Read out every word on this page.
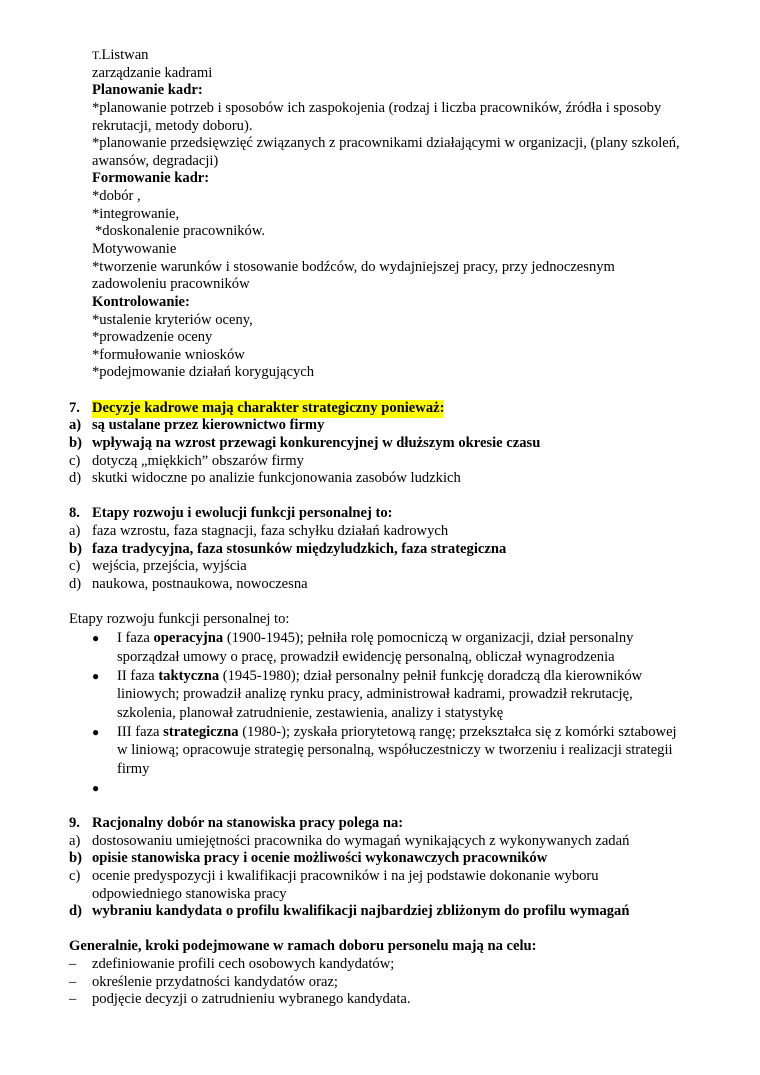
T.Listwan
zarządzanie kadrami
Planowanie kadr:
*planowanie potrzeb i sposobów ich zaspokojenia (rodzaj i liczba pracowników, źródła i sposoby
rekrutacji, metody doboru).
*planowanie przedsięwzięć związanych z pracownikami działającymi w organizacji, (plany szkoleń,
awansów, degradacji)
Formowanie kadr:
*dobór ,
*integrowanie,
*doskonalenie pracowników.
Motywowanie
*tworzenie warunków i stosowanie bodźców, do wydajniejszej pracy, przy jednoczesnym
zadowoleniu pracowników
Kontrolowanie:
*ustalenie kryteriów oceny,
*prowadzenie oceny
*formułowanie wniosków
*podejmowanie działań korygujących
7. Decyzje kadrowe mają charakter strategiczny ponieważ:
a) są ustalane przez kierownictwo firmy
b) wpływają na wzrost przewagi konkurencyjnej w dłuższym okresie czasu
c) dotyczą „miękkich” obszarów firmy
d) skutki widoczne po analizie funkcjonowania zasobów ludzkich
8. Etapy rozwoju i ewolucji funkcji personalnej to:
a) faza wzrostu, faza stagnacji, faza schyłku działań kadrowych
b) faza tradycyjna, faza stosunków międzyludzkich, faza strategiczna
c) wejścia, przejścia, wyjścia
d) naukowa, postnaukowa, nowoczesna
Etapy rozwoju funkcji personalnej to:
● I faza operacyjna (1900-1945); pełniła rolę pomocniczą w organizacji, dział personalny
sporządzał umowy o pracę, prowadził ewidencję personalną, obliczał wynagrodzenia
● II faza taktyczna (1945-1980); dział personalny pełnił funkcję doradczą dla kierowników
liniowych; prowadził analizę rynku pracy, administrował kadrami, prowadził rekrutację,
szkolenia, planował zatrudnienie, zestawienia, analizy i statystykę
● III faza strategiczna (1980-); zyskała priorytetową rangę; przekształca się z komórki sztabowej
w liniową; opracowuje strategię personalną, współuczestniczy w tworzeniu i realizacji strategii
firmy
●
9. Racjonalny dobór na stanowiska pracy polega na:
a) dostosowaniu umiejętności pracownika do wymagań wynikających z wykonywanych zadań
b) opisie stanowiska pracy i ocenie możliwości wykonawczych pracowników
c) ocenie predyspozycji i kwalifikacji pracowników i na jej podstawie dokonanie wyboru
odpowiedniego stanowiska pracy
d) wybraniu kandydata o profilu kwalifikacji najbardziej zbliżonym do profilu wymagań
Generalnie, kroki podejmowane w ramach doboru personelu mają na celu:
– zdefiniowanie profili cech osobowych kandydatów;
– określenie przydatności kandydatów oraz;
– podjęcie decyzji o zatrudnieniu wybranego kandydata.
